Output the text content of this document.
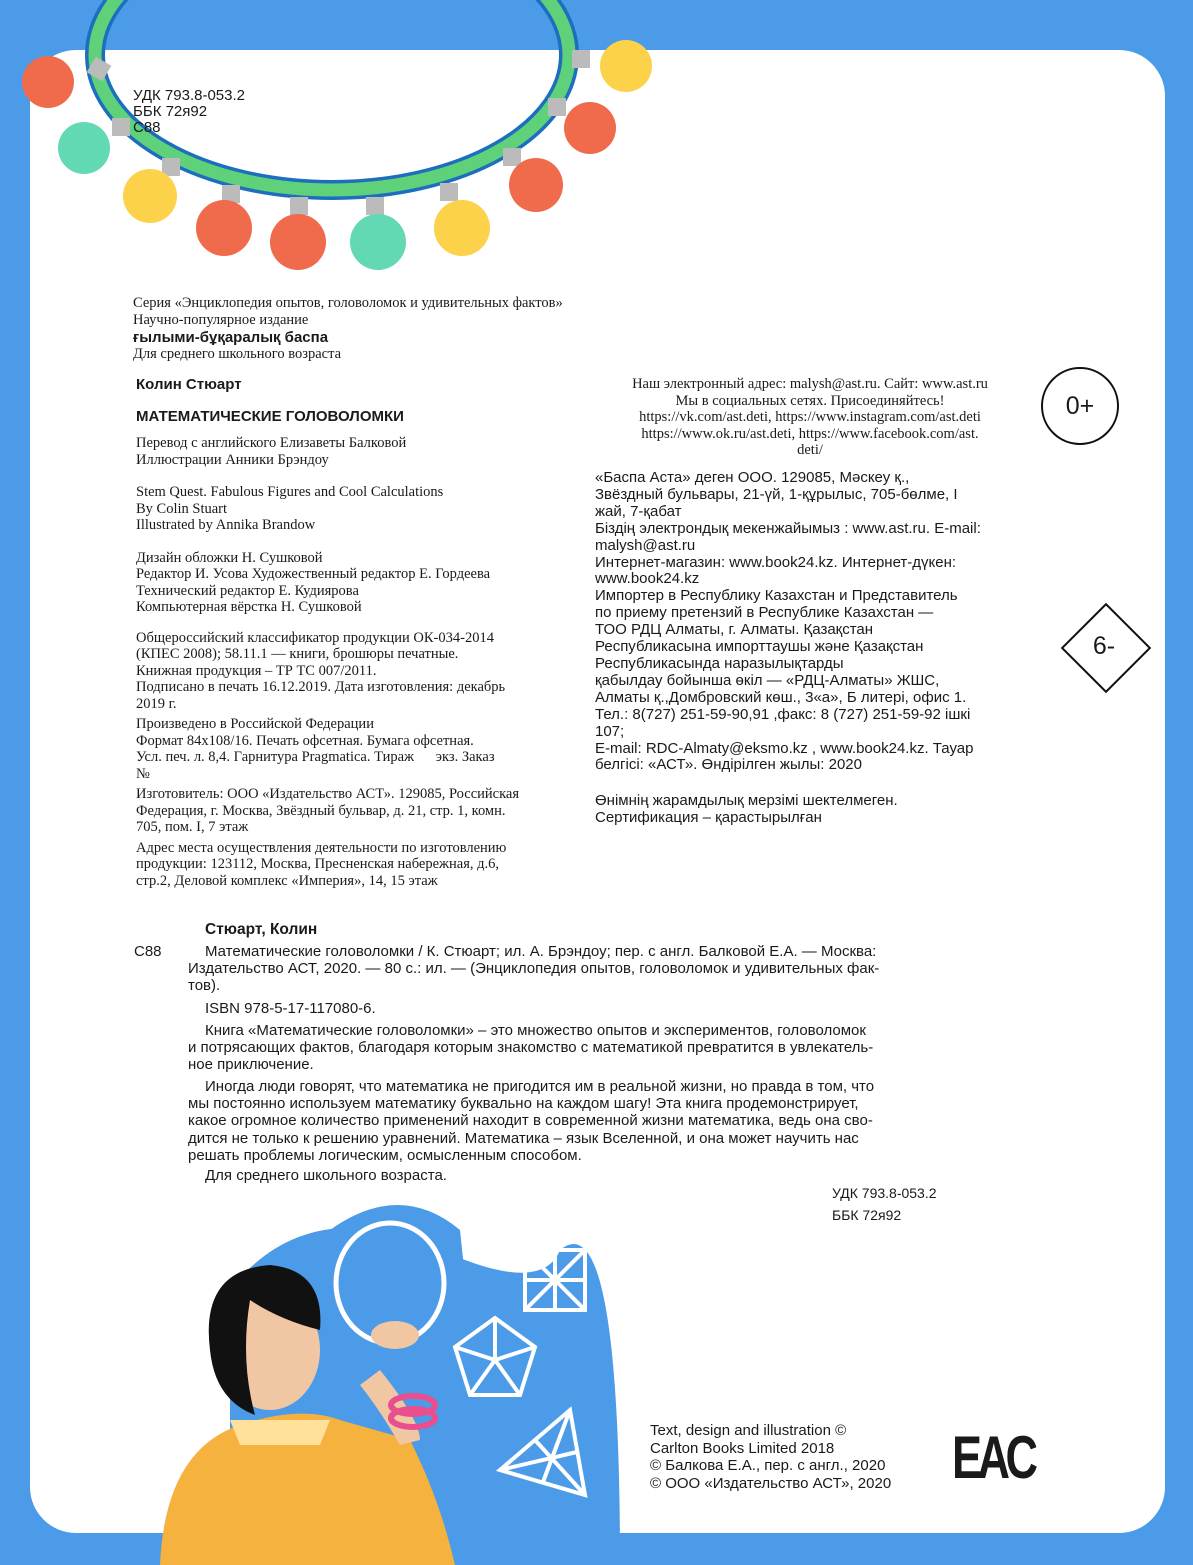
УДК 793.8-053.2
ББК 72я92
С88
Серия «Энциклопедия опытов, головоломок и удивительных фактов»
Научно-популярное издание
ғылыми-бұқаралық баспа
Для среднего школьного возраста
Колин Стюарт
МАТЕМАТИЧЕСКИЕ ГОЛОВОЛОМКИ
Перевод с английского Елизаветы Балковой
Иллюстрации Анники Брэндоу
Stem Quest. Fabulous Figures and Cool Calculations
By Colin Stuart
Illustrated by Annika Brandow
Дизайн обложки Н. Сушковой
Редактор И. Усова Художественный редактор Е. Гордеева
Технический редактор Е. Кудиярова
Компьютерная вёрстка Н. Сушковой
Общероссийский классификатор продукции ОК-034-2014
(КПЕС 2008); 58.11.1 — книги, брошюры печатные.
Книжная продукция – ТР ТС 007/2011.
Подписано в печать 16.12.2019. Дата изготовления: декабрь
2019 г.
Произведено в Российской Федерации
Формат 84х108/16. Печать офсетная. Бумага офсетная.
Усл. печ. л. 8,4. Гарнитура Pragmatica. Тираж      экз. Заказ
№
Изготовитель: ООО «Издательство АСТ». 129085, Российская
Федерация, г. Москва, Звёздный бульвар, д. 21, стр. 1, комн.
705, пом. I, 7 этаж
Адрес места осуществления деятельности по изготовлению
продукции: 123112, Москва, Пресненская набережная, д.6,
стр.2, Деловой комплекс «Империя», 14, 15 этаж
Наш электронный адрес: malysh@ast.ru. Сайт: www.ast.ru
Мы в социальных сетях. Присоединяйтесь!
https://vk.com/ast.deti, https://www.instagram.com/ast.deti
https://www.ok.ru/ast.deti, https://www.facebook.com/ast.
deti/
«Баспа Аста» деген ООО. 129085, Мәскеу қ.,
Звёздный бульвары, 21-үй, 1-құрылыс, 705-бөлме, I
жай, 7-қабат
Біздің электрондық мекенжайымыз : www.ast.ru. E-mail:
malysh@ast.ru
Интернет-магазин: www.book24.kz. Интернет-дүкен:
www.book24.kz
Импортер в Республику Казахстан и Представитель
по приему претензий в Республике Казахстан —
ТОО РДЦ Алматы, г. Алматы. Қазақстан
Республикасына импорттаушы және Қазақстан
Республикасында наразылықтарды
қабылдау бойынша өкіл — «РДЦ-Алматы» ЖШС,
Алматы қ.,Домбровский көш., 3«а», Б литері, офис 1.
Тел.: 8(727) 251-59-90,91 ,факс: 8 (727) 251-59-92 ішкі
107;
E-mail: RDC-Almaty@eksmo.kz , www.book24.kz. Тауар
белгісі: «АСТ». Өндірілген жылы: 2020
Өнімнің жарамдылық мерзімі шектелмеген.
Сертификация – қарастырылған
0+
6-
Стюарт, Колин
С88	Математические головоломки / К. Стюарт; ил. А. Брэндоу; пер. с англ. Балковой Е.А. — Москва:
Издательство АСТ, 2020. — 80 с.: ил. — (Энциклопедия опытов, головоломок и удивительных фак-
тов).
ISBN 978-5-17-117080-6.
Книга «Математические головоломки» – это множество опытов и экспериментов, головоломок
и потрясающих фактов, благодаря которым знакомство с математикой превратится в увлекатель-
ное приключение.
Иногда люди говорят, что математика не пригодится им в реальной жизни, но правда в том, что
мы постоянно используем математику буквально на каждом шагу! Эта книга продемонстрирует,
какое огромное количество применений находит в современной жизни математика, ведь она сво-
дится не только к решению уравнений. Математика – язык Вселенной, и она может научить нас
решать проблемы логическим, осмысленным способом.
Для среднего школьного возраста.
УДК 793.8-053.2
ББК 72я92
Text, design and illustration ©
Carlton Books Limited 2018
© Балкова Е.А., пер. с англ., 2020
© ООО «Издательство АСТ», 2020 EAC
